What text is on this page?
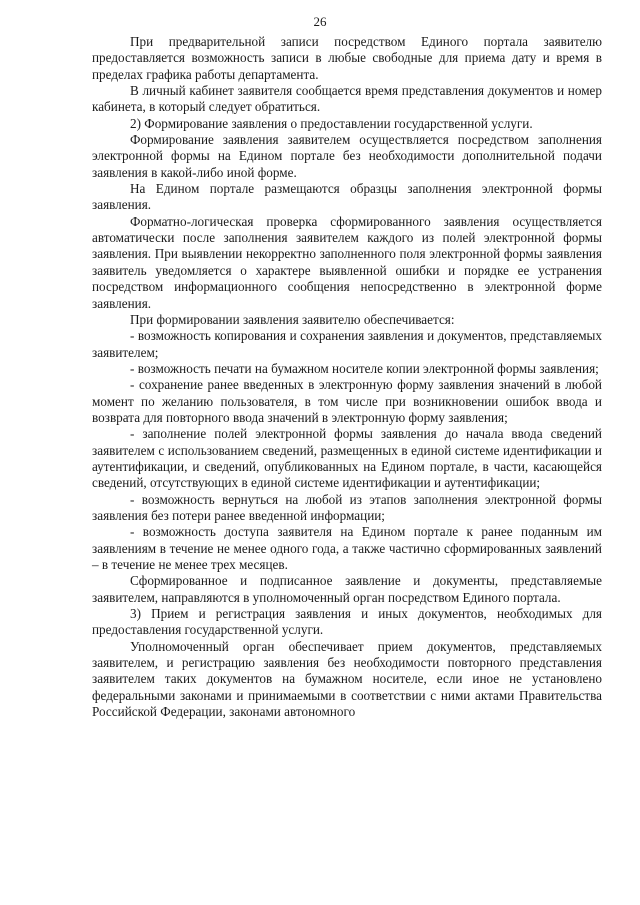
26

При предварительной записи посредством Единого портала заявителю предоставляется возможность записи в любые свободные для приема дату и время в пределах графика работы департамента.

В личный кабинет заявителя сообщается время представления документов и номер кабинета, в который следует обратиться.

2) Формирование заявления о предоставлении государственной услуги.

Формирование заявления заявителем осуществляется посредством заполнения электронной формы на Едином портале без необходимости дополнительной подачи заявления в какой-либо иной форме.

На Едином портале размещаются образцы заполнения электронной формы заявления.

Форматно-логическая проверка сформированного заявления осуществляется автоматически после заполнения заявителем каждого из полей электронной формы заявления. При выявлении некорректно заполненного поля электронной формы заявления заявитель уведомляется о характере выявленной ошибки и порядке ее устранения посредством информационного сообщения непосредственно в электронной форме заявления.

При формировании заявления заявителю обеспечивается:

- возможность копирования и сохранения заявления и документов, представляемых заявителем;

- возможность печати на бумажном носителе копии электронной формы заявления;

- сохранение ранее введенных в электронную форму заявления значений в любой момент по желанию пользователя, в том числе при возникновении ошибок ввода и возврата для повторного ввода значений в электронную форму заявления;

- заполнение полей электронной формы заявления до начала ввода сведений заявителем с использованием сведений, размещенных в единой системе идентификации и аутентификации, и сведений, опубликованных на Едином портале, в части, касающейся сведений, отсутствующих в единой системе идентификации и аутентификации;

- возможность вернуться на любой из этапов заполнения электронной формы заявления без потери ранее введенной информации;

- возможность доступа заявителя на Едином портале к ранее поданным им заявлениям в течение не менее одного года, а также частично сформированных заявлений – в течение не менее трех месяцев.

Сформированное и подписанное заявление и документы, представляемые заявителем, направляются в уполномоченный орган посредством Единого портала.

3) Прием и регистрация заявления и иных документов, необходимых для предоставления государственной услуги.

Уполномоченный орган обеспечивает прием документов, представляемых заявителем, и регистрацию заявления без необходимости повторного представления заявителем таких документов на бумажном носителе, если иное не установлено федеральными законами и принимаемыми в соответствии с ними актами Правительства Российской Федерации, законами автономного
